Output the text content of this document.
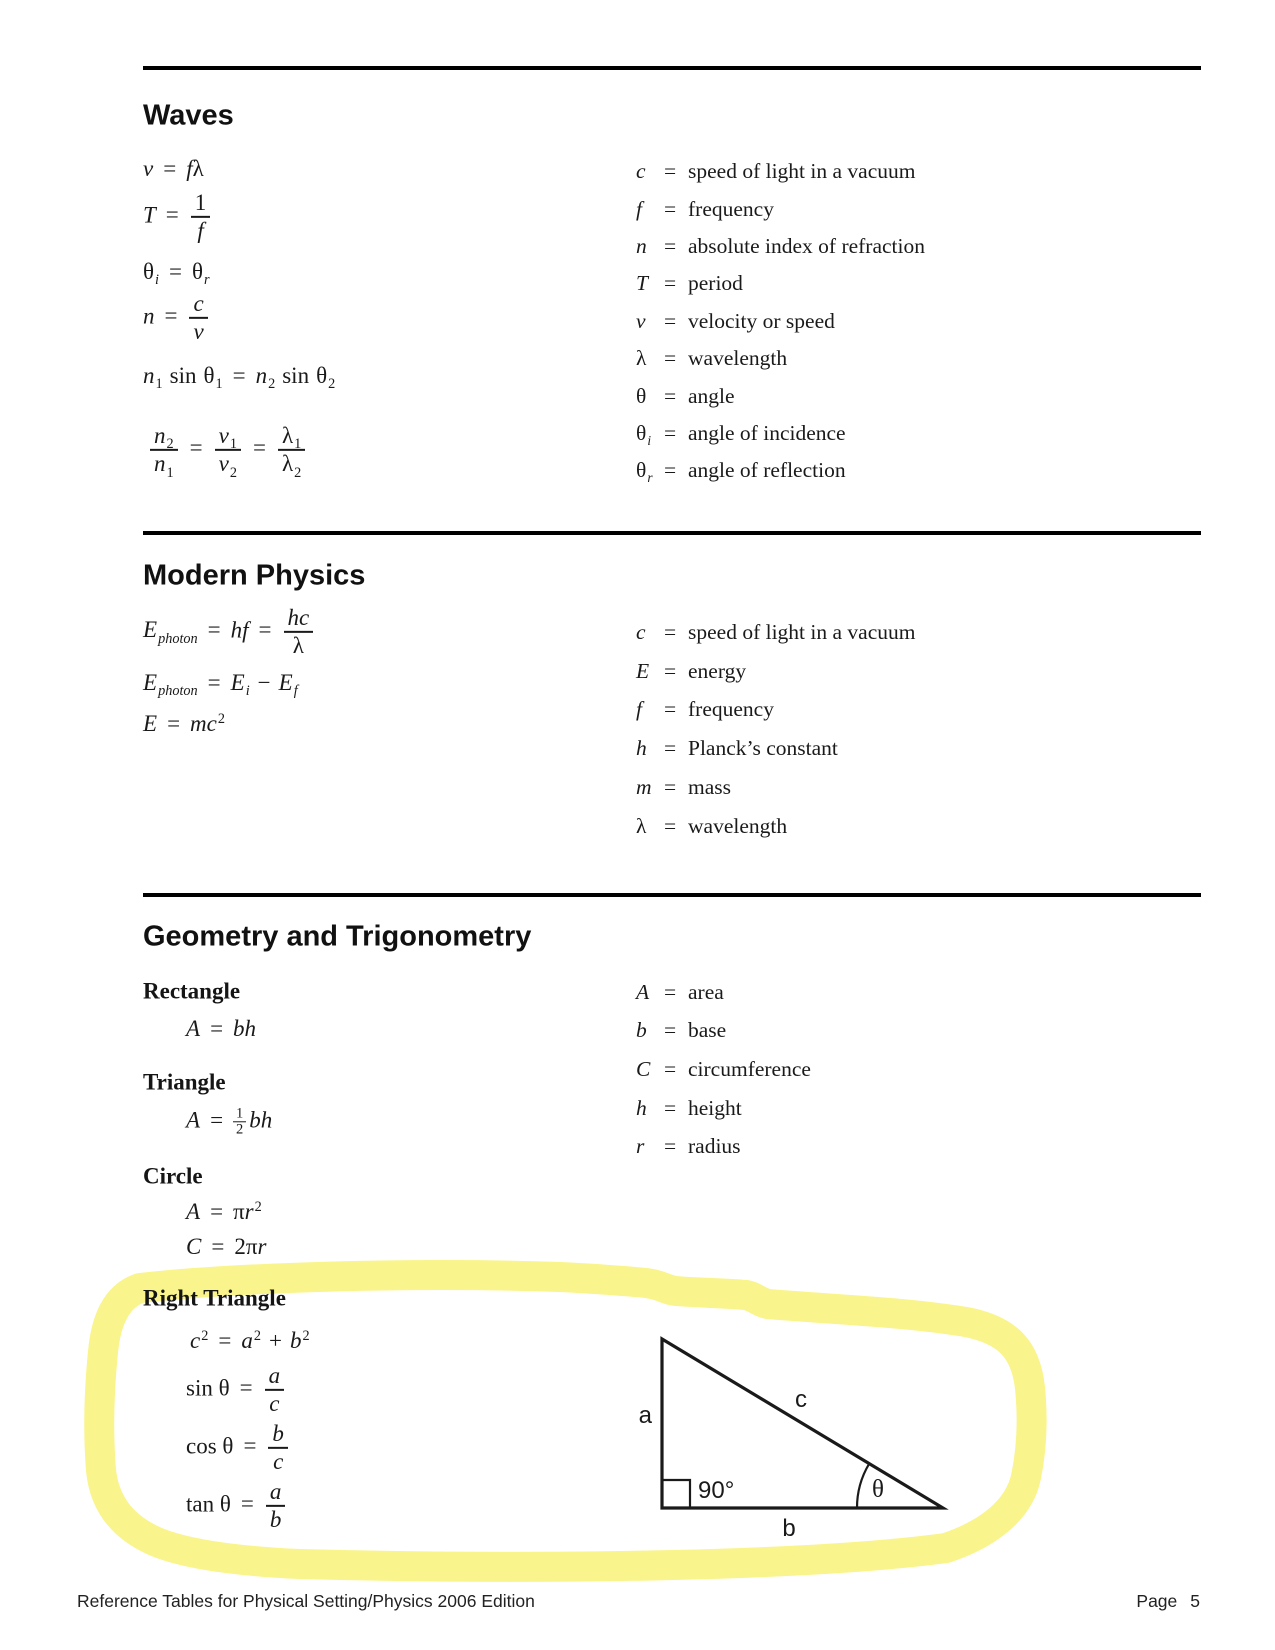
Waves
Modern Physics
Geometry and Trigonometry
v = fλ
$T = \frac{1}{f}$
$\theta_i = \theta_r$
$n = \frac{c}{v}$
$n_1$ $\sin \theta_1 = n_2$ $\sin \theta_2$
$\frac{n_2}{n_1} = \frac{v_1}{v_2} = \frac{\lambda_1}{\lambda_2}$
c = speed of light in a vacuum
f	= frequency
n = absolute index of refraction
T = period
v = velocity or speed
λ = wavelength
θ = angle
$\theta_i$ = angle of incidence
$\theta_r$ = angle of reflection
$E_{photon}$ = hf = $\frac{hc}{\lambda}$
$E_{photon} = E_i - E_f$
$E = mc^2$
c = speed of light in a vacuum
E = energy
f	= frequency
h = Planck’s constant
m = mass
λ = wavelength
Rectangle
A = bh
Triangle
$A = \frac{1}{2}$ bh
Circle
$A = \pi r^2$
C = 2πr
Right Triangle
$c^2 = a^2 + b^2$
$\sin \theta = \frac{a}{c}$
$\cos \theta = \frac{b}{c}$
$\tan \theta = \frac{a}{b}$
A = area
b = base
C = circumference
h = height
r = radius
a
b
c
90°	θ
Reference Tables for Physical Setting/Physics 2006 Edition	Page 5
